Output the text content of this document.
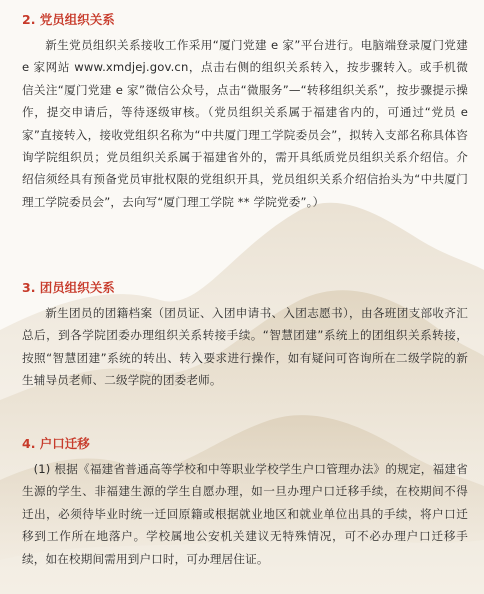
2. 党员组织关系

新生党员组织关系接收工作采用“厦门党建 e 家”平台进行。电脑端登录厦门党建 e 家网站 www.xmdjej.gov.cn，点击右侧的组织关系转入，按步骤转入。或手机微信关注“厦门党建 e 家”微信公众号，点击“微服务”—“转移组织关系”，按步骤提示操作，提交申请后，等待逐级审核。（党员组织关系属于福建省内的，可通过“党员 e 家”直接转入，接收党组织名称为“中共厦门理工学院委员会”，拟转入支部名称具体咨询学院组织员；党员组织关系属于福建省外的，需开具纸质党员组织关系介绍信。介绍信须经具有预备党员审批权限的党组织开具，党员组织关系介绍信抬头为“中共厦门理工学院委员会”，去向写“厦门理工学院 ** 学院党委”。）

3. 团员组织关系

新生团员的团籍档案（团员证、入团申请书、入团志愿书），由各班团支部收齐汇总后，到各学院团委办理组织关系转接手续。“智慧团建”系统上的团组织关系转接，按照“智慧团建”系统的转出、转入要求进行操作，如有疑问可咨询所在二级学院的新生辅导员老师、二级学院的团委老师。

4. 户口迁移

(1) 根据《福建省普通高等学校和中等职业学校学生户口管理办法》的规定，福建省生源的学生、非福建生源的学生自愿办理，如一旦办理户口迁移手续，在校期间不得迁出，必须待毕业时统一迁回原籍或根据就业地区和就业单位出具的手续，将户口迁移到工作所在地落户。学校属地公安机关建议无特殊情况，可不必办理户口迁移手续，如在校期间需用到户口时，可办理居住证。
